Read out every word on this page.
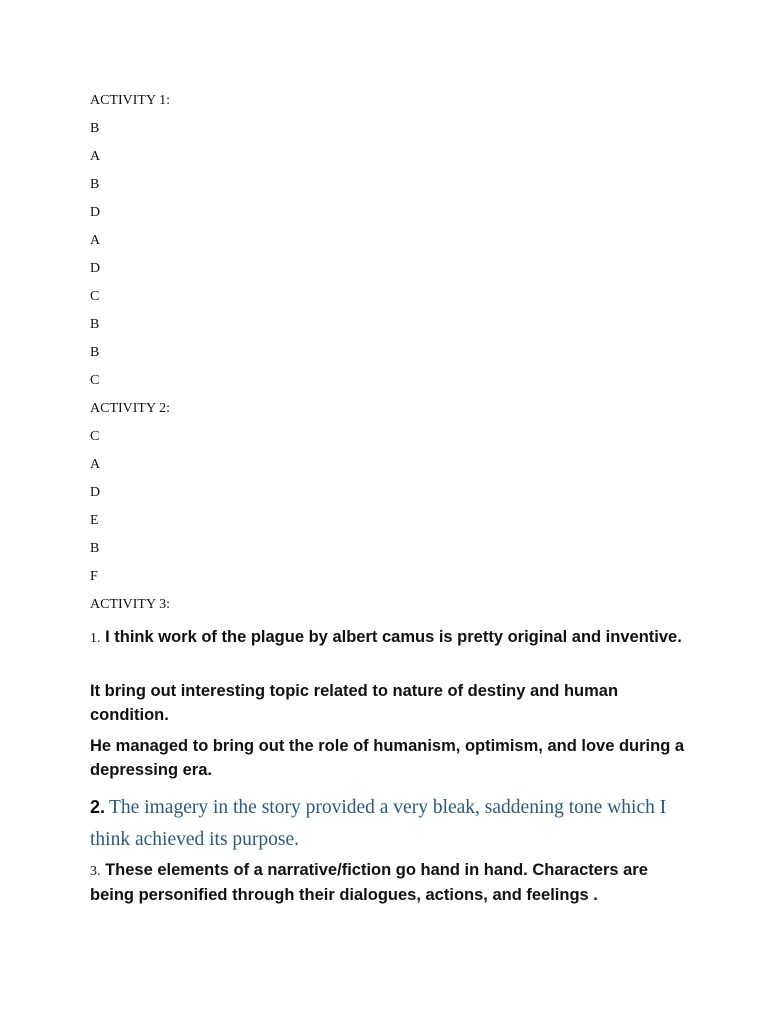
ACTIVITY 1:
B
A
B
D
A
D
C
B
B
C
ACTIVITY 2:
C
A
D
E
B
F
ACTIVITY 3:
1. I think work of the plague by albert camus is pretty original and inventive.
It bring out interesting topic related to nature of destiny and human condition.
He managed to bring out the role of humanism, optimism, and love during a depressing era.
2. The imagery in the story provided a very bleak, saddening tone which I think achieved its purpose.
3. These elements of a narrative/fiction go hand in hand. Characters are being personified through their dialogues, actions, and feelings .
